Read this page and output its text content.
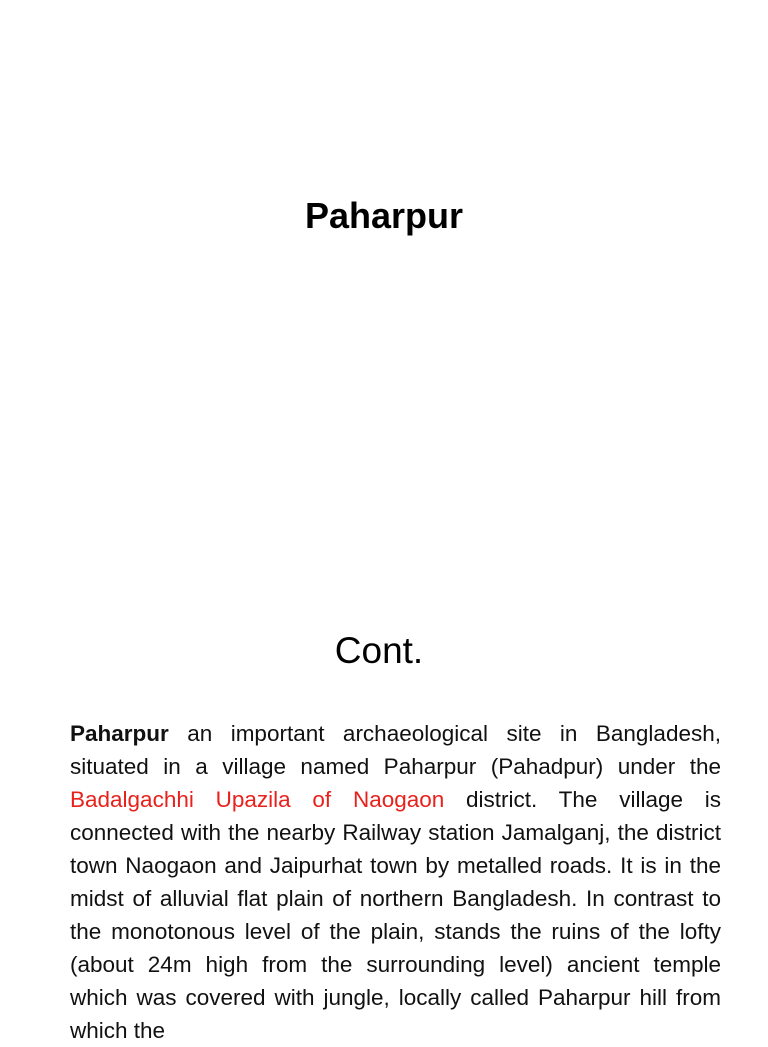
Paharpur
Cont.

Paharpur an important archaeological site in Bangladesh, situated in a village named Paharpur (Pahadpur) under the Badalgachhi Upazila of Naogaon district. The village is connected with the nearby Railway station Jamalganj, the district town Naogaon and Jaipurhat town by metalled roads. It is in the midst of alluvial flat plain of northern Bangladesh. In contrast to the monotonous level of the plain, stands the ruins of the lofty (about 24m high from the surrounding level) ancient temple which was covered with jungle, locally called Paharpur hill from which the
